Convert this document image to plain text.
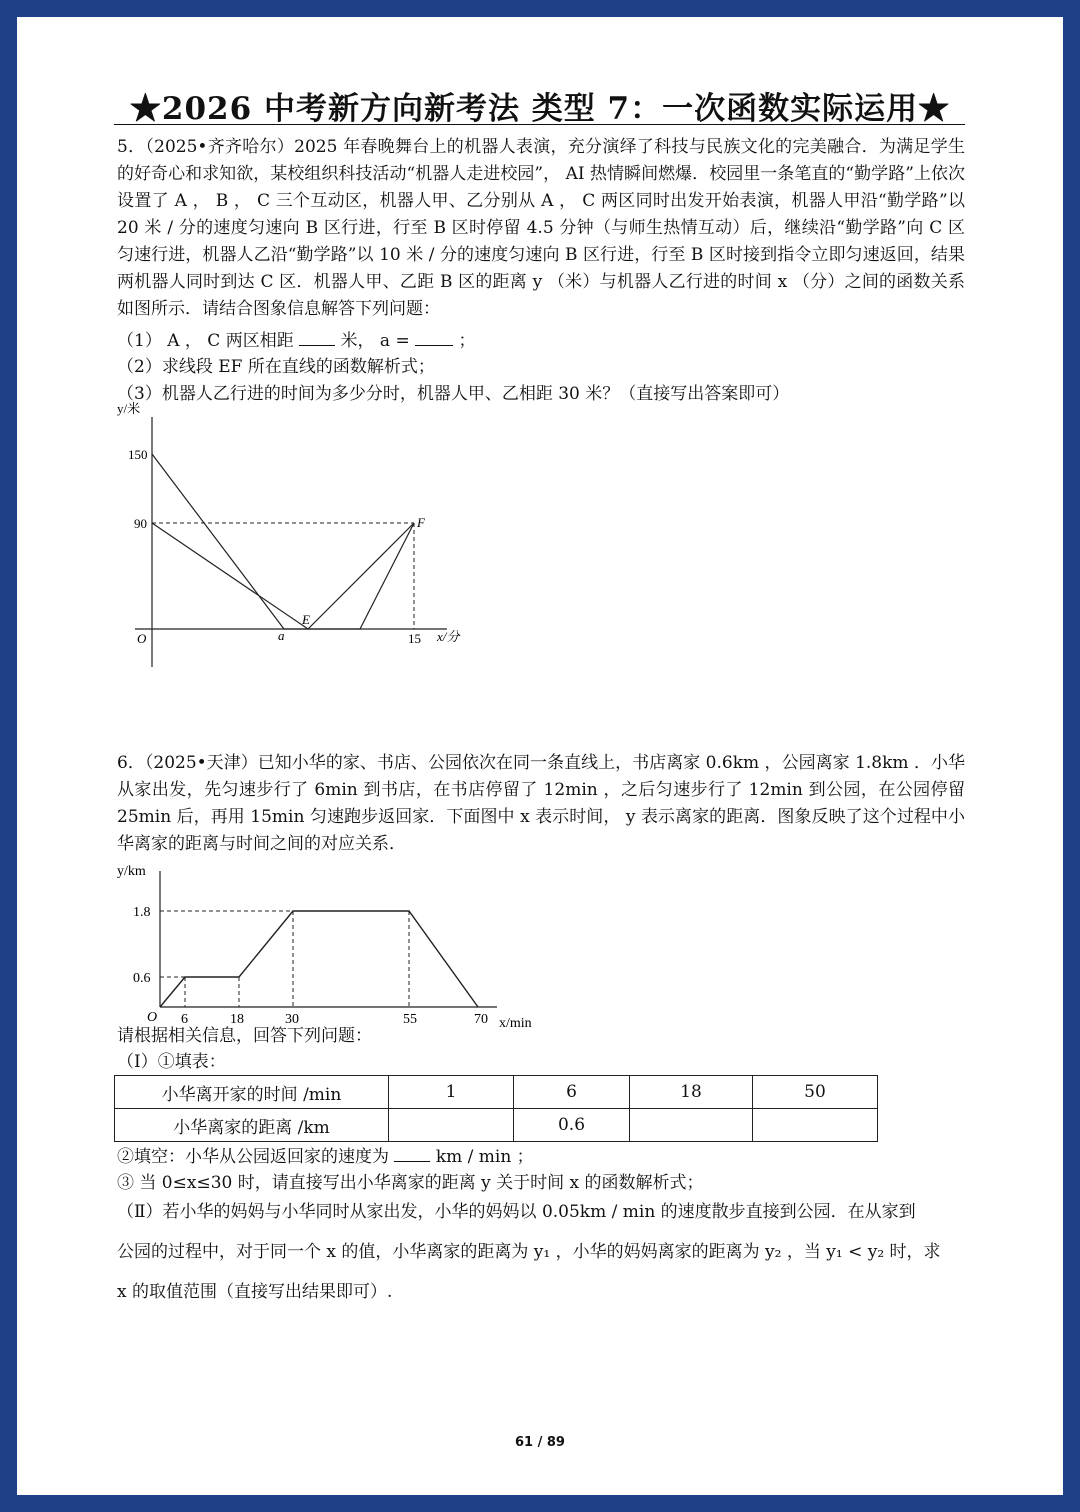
★2026 中考新方向新考法 类型 7：一次函数实际运用★
5．（2025•齐齐哈尔）2025 年春晚舞台上的机器人表演，充分演绎了科技与民族文化的完美融合．为满足学生的好奇心和求知欲，某校组织科技活动“机器人走进校园”， AI 热情瞬间燃爆．校园里一条笔直的“勤学路”上依次设置了 A ， B ， C 三个互动区，机器人甲、乙分别从 A ， C 两区同时出发开始表演，机器人甲沿“勤学路”以 20 米 / 分的速度匀速向 B 区行进，行至 B 区时停留 4.5 分钟（与师生热情互动）后，继续沿“勤学路”向 C 区匀速行进，机器人乙沿“勤学路”以 10 米 / 分的速度匀速向 B 区行进，行至 B 区时接到指令立即匀速返回，结果两机器人同时到达 C 区．机器人甲、乙距 B 区的距离 y （米）与机器人乙行进的时间 x （分）之间的函数关系如图所示．请结合图象信息解答下列问题：
（1） A ， C 两区相距	米， a =	；
（2）求线段 EF 所在直线的函数解析式；
（3）机器人乙行进的时间为多少分时，机器人甲、乙相距 30 米？（直接写出答案即可）
y/米
x/分
150
90
O	a	15
E
F
6．（2025•天津）已知小华的家、书店、公园依次在同一条直线上，书店离家 0.6km ，公园离家 1.8km ．小华从家出发，先匀速步行了 6min 到书店，在书店停留了 12min ，之后匀速步行了 12min 到公园，在公园停留 25min 后，再用 15min 匀速跑步返回家．下面图中 x 表示时间， y 表示离家的距离．图象反映了这个过程中小华离家的距离与时间之间的对应关系．
y/km
x/min
1.8
0.6
O 6	18	30	55	70
请根据相关信息，回答下列问题：
（Ⅰ）①填表：
小华离开家的时间 /min	1	6	18	50
小华离家的距离 /km		0.6		
②填空：小华从公园返回家的速度为	km / min ；
③ 当 0≤x≤30 时，请直接写出小华离家的距离 y 关于时间 x 的函数解析式；
（Ⅱ）若小华的妈妈与小华同时从家出发，小华的妈妈以 0.05km / min 的速度散步直接到公园．在从家到
公园的过程中，对于同一个 x 的值，小华离家的距离为 y₁ ，小华的妈妈离家的距离为 y₂ ，当 y₁ < y₂ 时，求
x 的取值范围（直接写出结果即可）.
61 / 89
